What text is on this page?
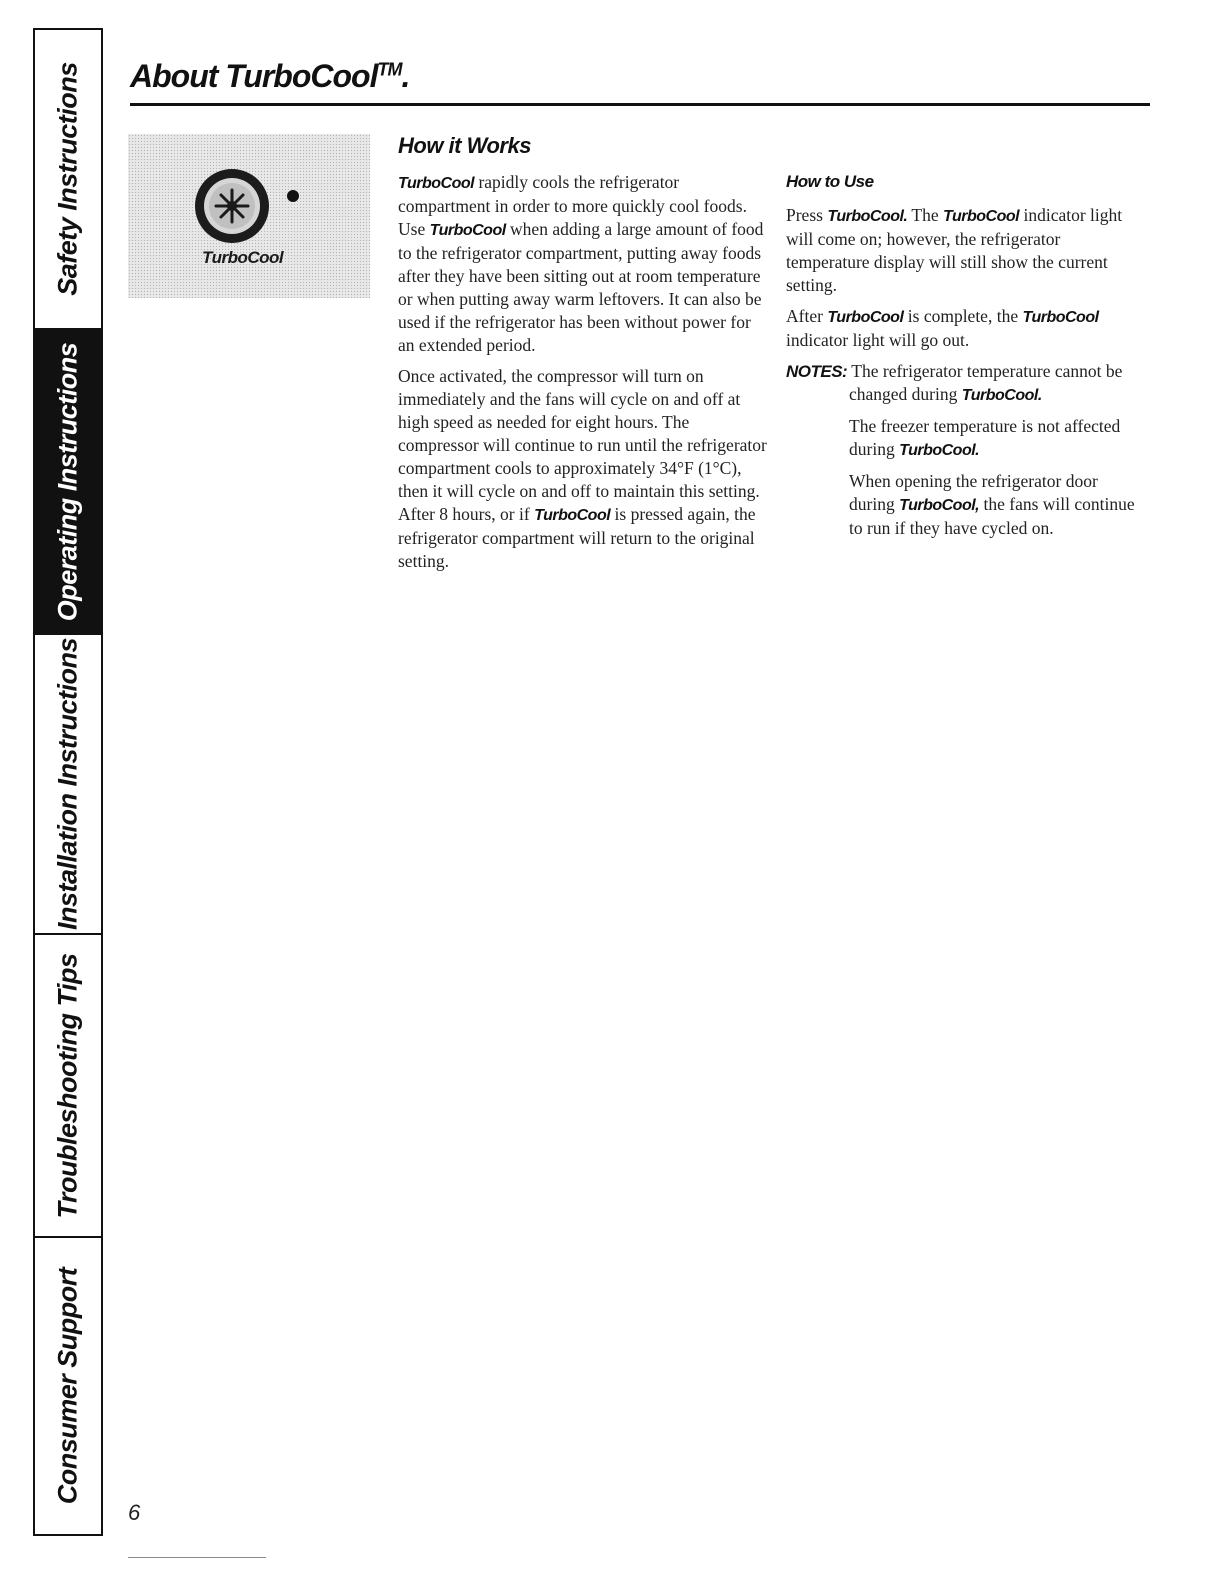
Safety Instructions
Operating Instructions
Installation Instructions
Troubleshooting Tips
Consumer Support
About TurboCool™.
TurboCool
How it Works

TurboCool rapidly cools the refrigerator compartment in order to more quickly cool foods. Use TurboCool when adding a large amount of food to the refrigerator compartment, putting away foods after they have been sitting out at room temperature or when putting away warm leftovers. It can also be used if the refrigerator has been without power for an extended period.

Once activated, the compressor will turn on immediately and the fans will cycle on and off at high speed as needed for eight hours. The compressor will continue to run until the refrigerator compartment cools to approximately 34°F (1°C), then it will cycle on and off to maintain this setting. After 8 hours, or if TurboCool is pressed again, the refrigerator compartment will return to the original setting.

How to Use

Press TurboCool. The TurboCool indicator light will come on; however, the refrigerator temperature display will still show the current setting.

After TurboCool is complete, the TurboCool indicator light will go out.

NOTES: The refrigerator temperature cannot be changed during TurboCool.

The freezer temperature is not affected during TurboCool.

When opening the refrigerator door during TurboCool, the fans will continue to run if they have cycled on.

6
